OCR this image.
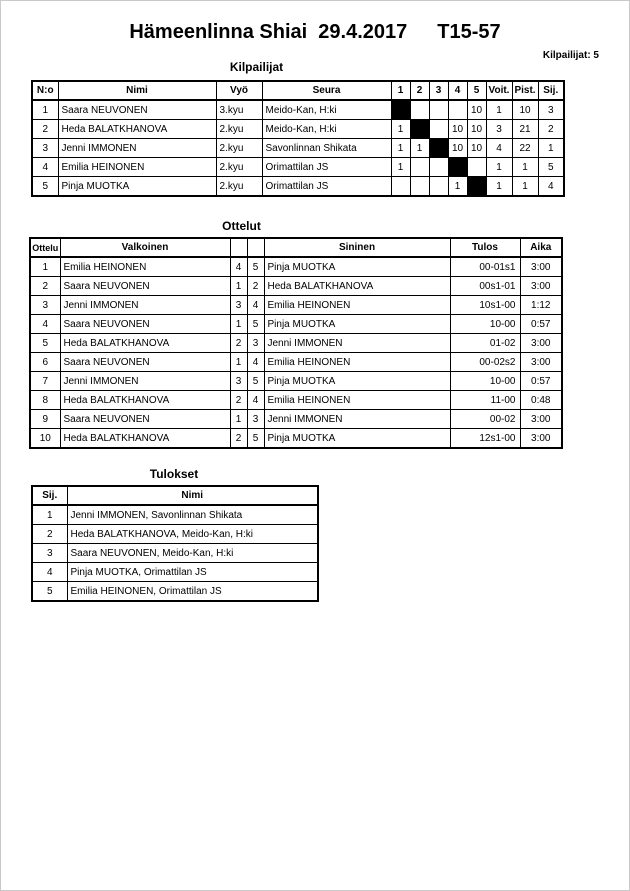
Hämeenlinna Shiai  29.4.2017 T15-57
Kilpailijat: 5
Kilpailijat
N:o	Nimi	Vyö	Seura	1	2	3	4	5	Voit.	Pist.	Sij.
1	Saara NEUVONEN	3.kyu	Meido-Kan, H:ki					10	1	10	3
2	Heda BALATKHANOVA	2.kyu	Meido-Kan, H:ki	1			10	10	3	21	2
3	Jenni IMMONEN	2.kyu	Savonlinnan Shikata	1	1		10	10	4	22	1
4	Emilia HEINONEN	2.kyu	Orimattilan JS	1					1	1	5
5	Pinja MUOTKA	2.kyu	Orimattilan JS				1		1	1	4
Ottelut
Ottelu	Valkoinen			Sininen	Tulos	Aika
1	Emilia HEINONEN	4	5	Pinja MUOTKA	00-01s1	3:00
2	Saara NEUVONEN	1	2	Heda BALATKHANOVA	00s1-01	3:00
3	Jenni IMMONEN	3	4	Emilia HEINONEN	10s1-00	1:12
4	Saara NEUVONEN	1	5	Pinja MUOTKA	10-00	0:57
5	Heda BALATKHANOVA	2	3	Jenni IMMONEN	01-02	3:00
6	Saara NEUVONEN	1	4	Emilia HEINONEN	00-02s2	3:00
7	Jenni IMMONEN	3	5	Pinja MUOTKA	10-00	0:57
8	Heda BALATKHANOVA	2	4	Emilia HEINONEN	11-00	0:48
9	Saara NEUVONEN	1	3	Jenni IMMONEN	00-02	3:00
10	Heda BALATKHANOVA	2	5	Pinja MUOTKA	12s1-00	3:00
Tulokset
Sij.	Nimi
1	Jenni IMMONEN, Savonlinnan Shikata
2	Heda BALATKHANOVA, Meido-Kan, H:ki
3	Saara NEUVONEN, Meido-Kan, H:ki
4	Pinja MUOTKA, Orimattilan JS
5	Emilia HEINONEN, Orimattilan JS
